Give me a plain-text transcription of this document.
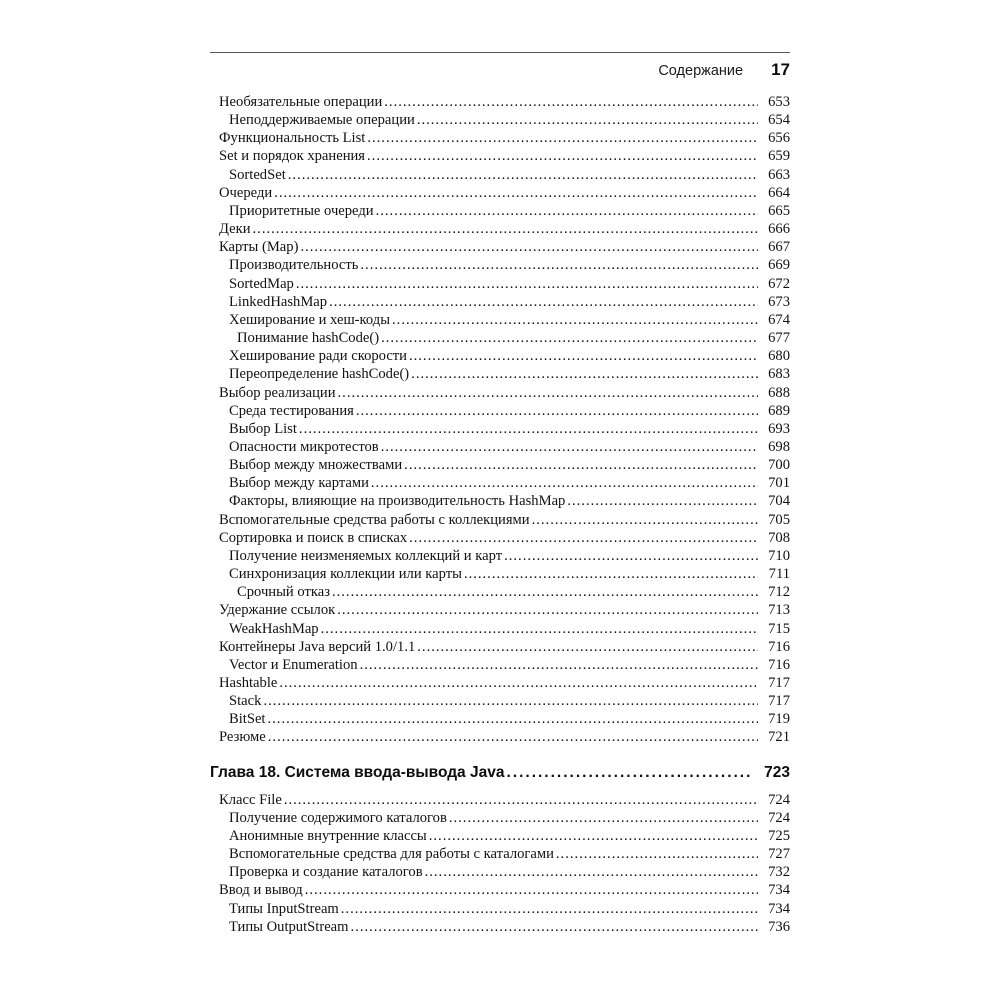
Содержание 17
Необязательные операции .....	653
Неподдерживаемые операции .....	654
Функциональность List .....	656
Set и порядок хранения .....	659
SortedSet .....	663
Очереди .....	664
Приоритетные очереди .....	665
Деки .....	666
Карты (Map) .....	667
Производительность .....	669
SortedMap .....	672
LinkedHashMap .....	673
Хеширование и хеш-коды .....	674
Понимание hashCode() .....	677
Хеширование ради скорости .....	680
Переопределение hashCode() .....	683
Выбор реализации .....	688
Среда тестирования .....	689
Выбор List .....	693
Опасности микротестов .....	698
Выбор между множествами .....	700
Выбор между картами .....	701
Факторы, влияющие на производительность HashMap .....	704
Вспомогательные средства работы с коллекциями .....	705
Сортировка и поиск в списках .....	708
Получение неизменяемых коллекций и карт .....	710
Синхронизация коллекции или карты .....	711
Срочный отказ .....	712
Удержание ссылок .....	713
WeakHashMap .....	715
Контейнеры Java версий 1.0/1.1 .....	716
Vector и Enumeration .....	716
Hashtable .....	717
Stack .....	717
BitSet .....	719
Резюме .....	721
Глава 18. Система ввода-вывода Java .....	723
Класс File .....	724
Получение содержимого каталогов .....	724
Анонимные внутренние классы .....	725
Вспомогательные средства для работы с каталогами .....	727
Проверка и создание каталогов .....	732
Ввод и вывод .....	734
Типы InputStream .....	734
Типы OutputStream .....	736
